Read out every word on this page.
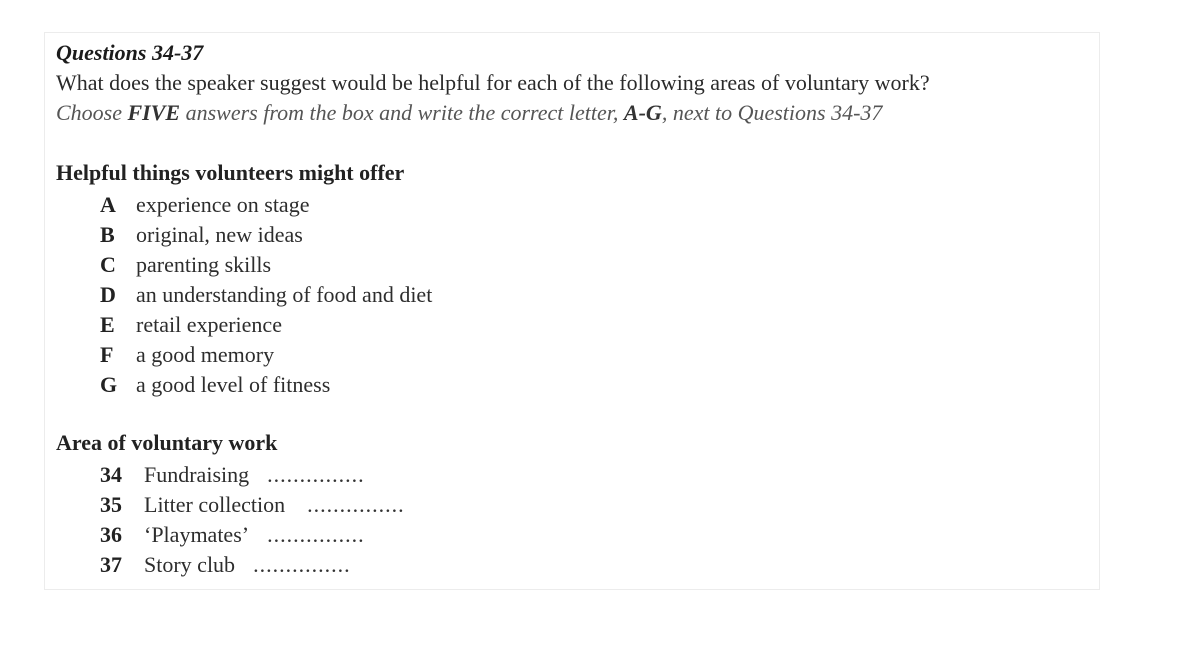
Questions 34-37
What does the speaker suggest would be helpful for each of the following areas of voluntary work?
Choose FIVE answers from the box and write the correct letter, A-G, next to Questions 34-37
Helpful things volunteers might offer
A experience on stage
B original, new ideas
C parenting skills
D an understanding of food and diet
E retail experience
F a good memory
G a good level of fitness
Area of voluntary work
34 Fundraising ...............
35 Litter collection ...............
36 ‘Playmates’ ...............
37 Story club ...............
